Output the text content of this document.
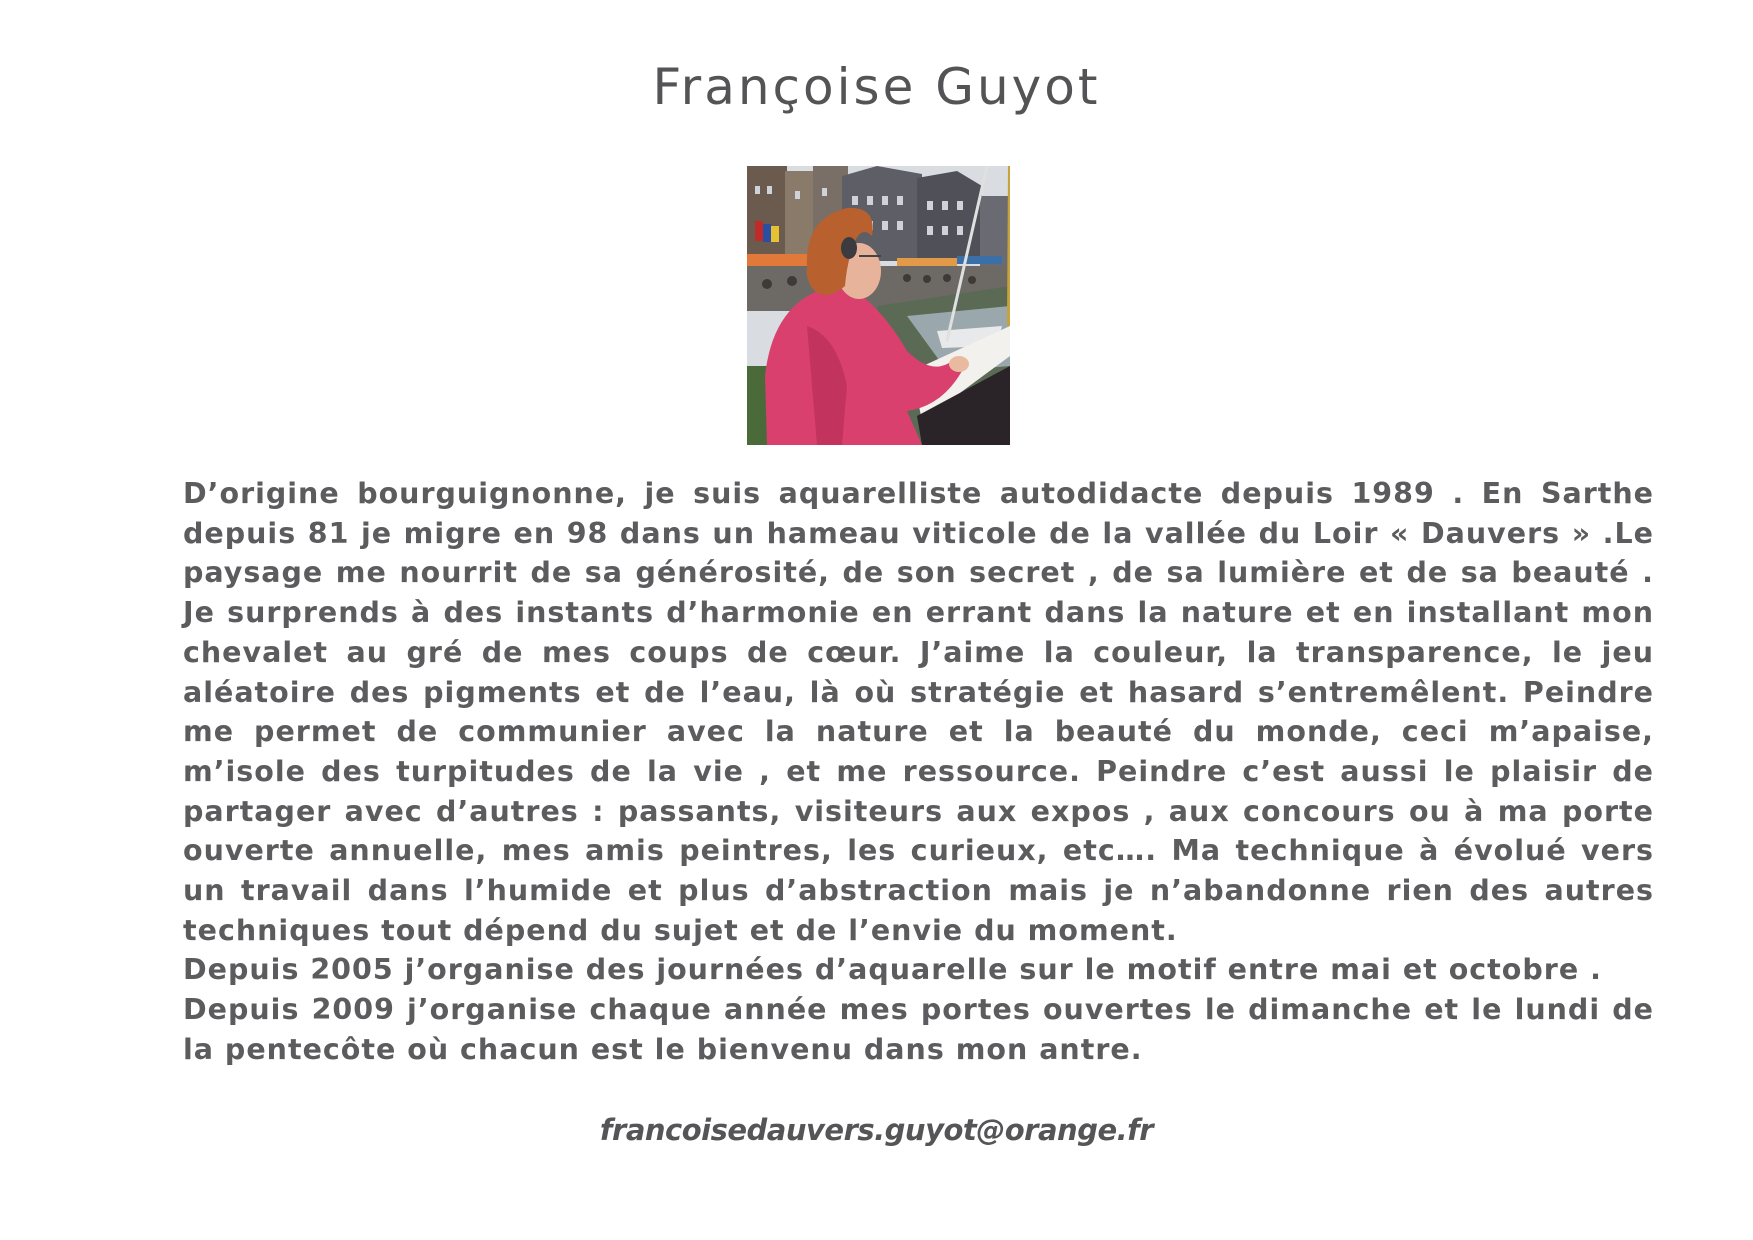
Françoise Guyot

D’origine bourguignonne, je suis aquarelliste autodidacte depuis 1989 . En Sarthe depuis 81 je migre en 98 dans un hameau viticole de la vallée du Loir « Dauvers » .Le paysage me nourrit de sa générosité, de son secret , de sa lumière et de sa beauté . Je surprends à des instants d’harmonie en errant dans la nature et en installant mon chevalet au gré de mes coups de cœur. J’aime la couleur, la transparence, le jeu aléatoire des pigments et de l’eau, là où stratégie et hasard s’entremêlent. Peindre me permet de communier avec la nature et la beauté du monde, ceci m’apaise, m’isole des turpitudes de la vie , et me ressource. Peindre c’est aussi le plaisir de partager avec d’autres : passants, visiteurs aux expos , aux concours ou à ma porte ouverte annuelle, mes amis peintres, les curieux, etc…. Ma technique à évolué vers un travail dans l’humide et plus d’abstraction mais je n’abandonne rien des autres techniques tout dépend du sujet et de l’envie du moment.

Depuis 2005 j’organise des journées d’aquarelle sur le motif entre mai et octobre .

Depuis 2009 j’organise chaque année mes portes ouvertes le dimanche et le lundi de la pentecôte où chacun est le bienvenu dans mon antre.

francoisedauvers.guyot@orange.fr
